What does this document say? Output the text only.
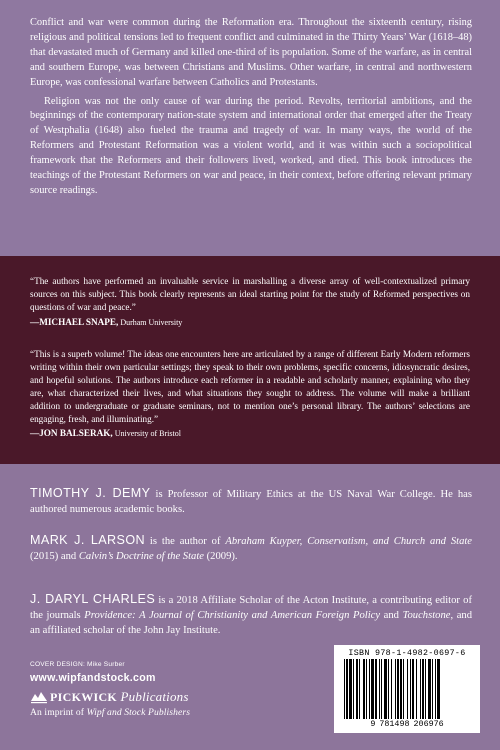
Conflict and war were common during the Reformation era. Throughout the sixteenth century, rising religious and political tensions led to frequent conflict and culminated in the Thirty Years’ War (1618–48) that devastated much of Germany and killed one-third of its population. Some of the warfare, as in central and southern Europe, was between Christians and Muslims. Other warfare, in central and northwestern Europe, was confessional warfare between Catholics and Protestants.

Religion was not the only cause of war during the period. Revolts, territorial ambitions, and the beginnings of the contemporary nation-state system and international order that emerged after the Treaty of Westphalia (1648) also fueled the trauma and tragedy of war. In many ways, the world of the Reformers and Protestant Reformation was a violent world, and it was within such a sociopolitical framework that the Reformers and their followers lived, worked, and died. This book introduces the teachings of the Protestant Reformers on war and peace, in their context, before offering relevant primary source readings.

“The authors have performed an invaluable service in marshalling a diverse array of well-contextualized primary sources on this subject. This book clearly represents an ideal starting point for the study of Reformed perspectives on questions of war and peace.”

—MICHAEL SNAPE, Durham University

“This is a superb volume! The ideas one encounters here are articulated by a range of different Early Modern reformers writing within their own particular settings; they speak to their own problems, specific concerns, idiosyncratic desires, and hopeful solutions. The authors introduce each reformer in a readable and scholarly manner, explaining who they are, what characterized their lives, and what situations they sought to address. The volume will make a brilliant addition to undergraduate or graduate seminars, not to mention one’s personal library. The authors’ selections are engaging, fresh, and illuminating.”

—JON BALSERAK, University of Bristol

TIMOTHY J. DEMY is Professor of Military Ethics at the US Naval War College. He has authored numerous academic books.

MARK J. LARSON is the author of Abraham Kuyper, Conservatism, and Church and State (2015) and Calvin’s Doctrine of the State (2009).

J. DARYL CHARLES is a 2018 Affiliate Scholar of the Acton Institute, a contributing editor of the journals Providence: A Journal of Christianity and American Foreign Policy and Touchstone, and an affiliated scholar of the John Jay Institute.

COVER DESIGN: Mike Surber
www.wipfandstock.com
PICKWICK Publications
An imprint of Wipf and Stock Publishers
ISBN 978-1-4982-0697-6
9 781498 206976
